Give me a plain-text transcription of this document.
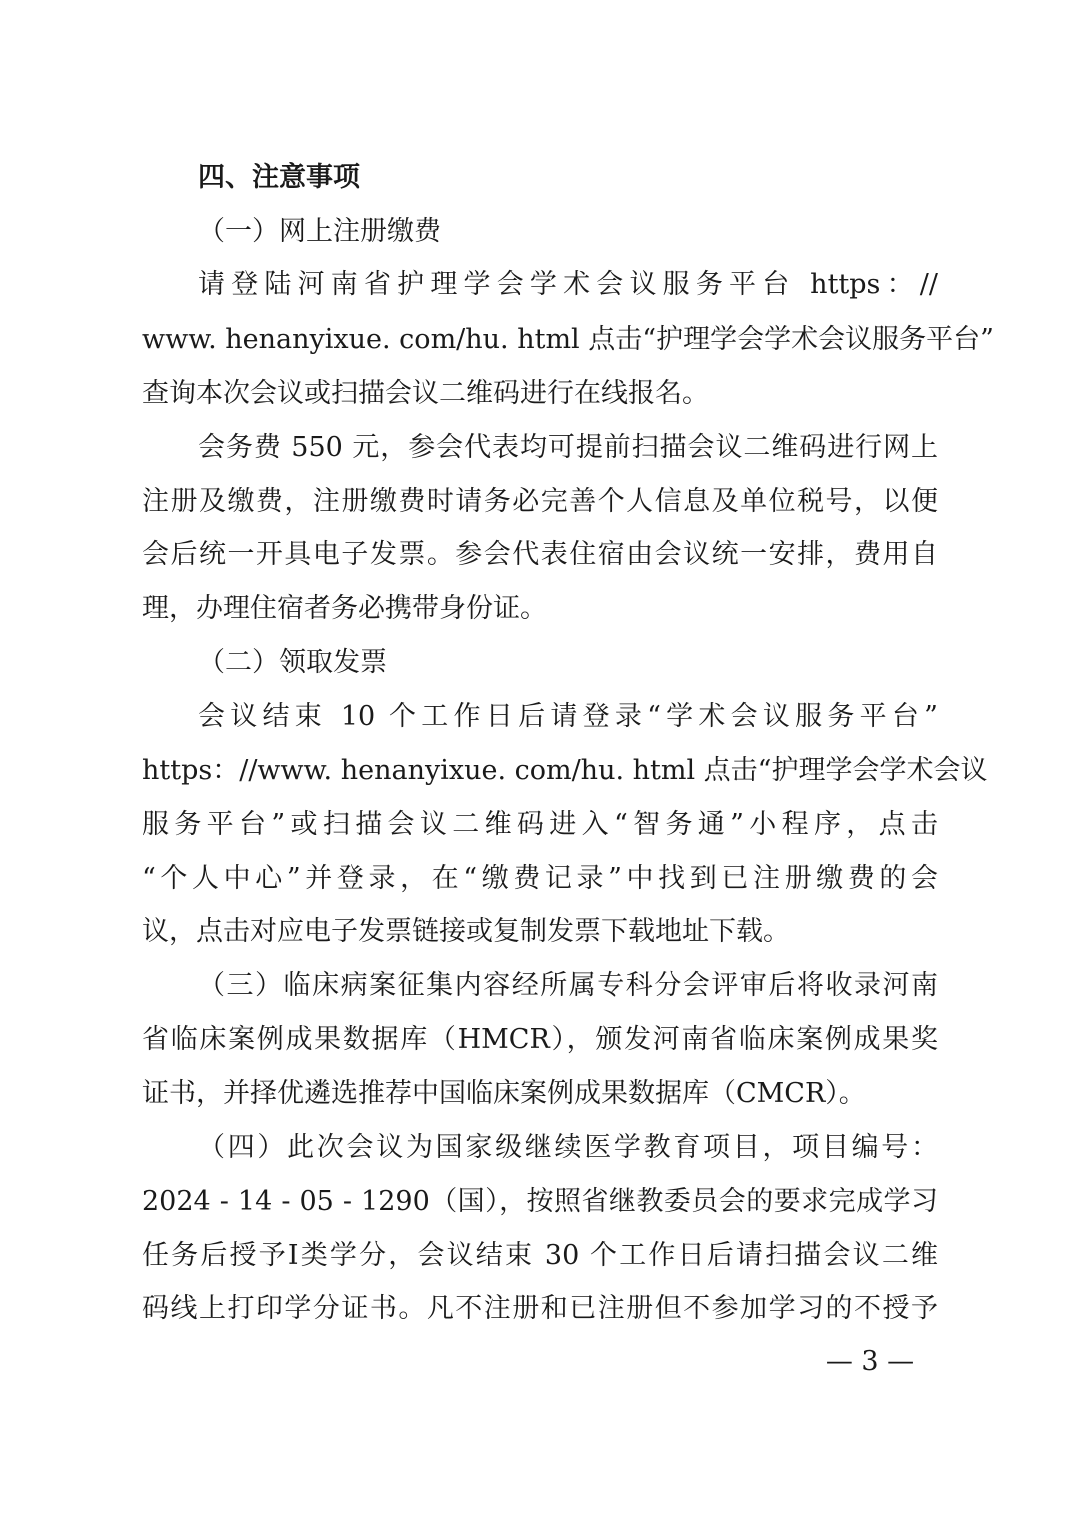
四、注意事项
（一）网上注册缴费
请登陆河南省护理学会学术会议服务平台 https：//
www. henanyixue. com/hu. html 点击“护理学会学术会议服务平台”
查询本次会议或扫描会议二维码进行在线报名。
会务费 550 元，参会代表均可提前扫描会议二维码进行网上
注册及缴费，注册缴费时请务必完善个人信息及单位税号，以便
会后统一开具电子发票。参会代表住宿由会议统一安排，费用自
理，办理住宿者务必携带身份证。
（二）领取发票
会议结束 10 个工作日后请登录“学术会议服务平台”
https：//www. henanyixue. com/hu. html 点击“护理学会学术会议
服务平台”或扫描会议二维码进入“智务通”小程序，点击
“个人中心”并登录，在“缴费记录”中找到已注册缴费的会
议，点击对应电子发票链接或复制发票下载地址下载。
（三）临床病案征集内容经所属专科分会评审后将收录河南
省临床案例成果数据库（HMCR），颁发河南省临床案例成果奖
证书，并择优遴选推荐中国临床案例成果数据库（CMCR）。
（四）此次会议为国家级继续医学教育项目，项目编号：
2024 - 14 - 05 - 1290（国），按照省继教委员会的要求完成学习
任务后授予Ⅰ类学分，会议结束 30 个工作日后请扫描会议二维
码线上打印学分证书。凡不注册和已注册但不参加学习的不授予
— 3 —
